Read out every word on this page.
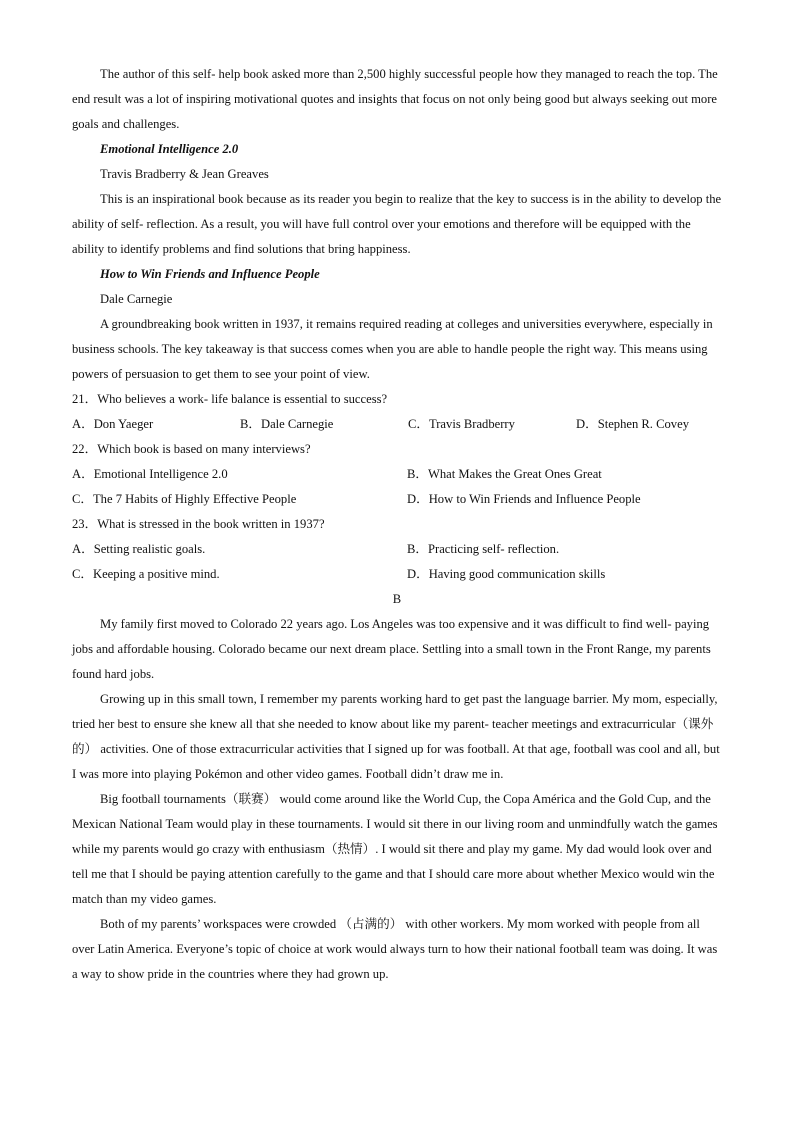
The author of this self- help book asked more than 2,500 highly successful people how they managed to reach the top. The end result was a lot of inspiring motivational quotes and insights that focus on not only being good but always seeking out more goals and challenges.

Emotional Intelligence 2.0

Travis Bradberry & Jean Greaves

This is an inspirational book because as its reader you begin to realize that the key to success is in the ability to develop the ability of self- reflection. As a result, you will have full control over your emotions and therefore will be equipped with the ability to identify problems and find solutions that bring happiness.

How to Win Friends and Influence People

Dale Carnegie

A groundbreaking book written in 1937, it remains required reading at colleges and universities everywhere, especially in business schools. The key takeaway is that success comes when you are able to handle people the right way. This means using powers of persuasion to get them to see your point of view.

21．Who believes a work- life balance is essential to success?

A．Don Yaeger	B．Dale Carnegie	C．Travis Bradberry	D．Stephen R. Covey

22．Which book is based on many interviews?

A．Emotional Intelligence 2.0	B．What Makes the Great Ones Great
C．The 7 Habits of Highly Effective People	D．How to Win Friends and Influence People

23．What is stressed in the book written in 1937?

A．Setting realistic goals.	B．Practicing self- reflection.
C．Keeping a positive mind.	D．Having good communication skills

B

My family first moved to Colorado 22 years ago. Los Angeles was too expensive and it was difficult to find well- paying jobs and affordable housing. Colorado became our next dream place. Settling into a small town in the Front Range, my parents found hard jobs.

Growing up in this small town, I remember my parents working hard to get past the language barrier. My mom, especially, tried her best to ensure she knew all that she needed to know about like my parent- teacher meetings and extracurricular（课外的） activities. One of those extracurricular activities that I signed up for was football. At that age, football was cool and all, but I was more into playing Pokémon and other video games. Football didn’t draw me in.

Big football tournaments（联赛） would come around like the World Cup, the Copa América and the Gold Cup, and the Mexican National Team would play in these tournaments. I would sit there in our living room and unmindfully watch the games while my parents would go crazy with enthusiasm（热情）. I would sit there and play my game. My dad would look over and tell me that I should be paying attention carefully to the game and that I should care more about whether Mexico would win the match than my video games.

Both of my parents’ workspaces were crowded （占满的） with other workers. My mom worked with people from all over Latin America. Everyone’s topic of choice at work would always turn to how their national football team was doing. It was a way to show pride in the countries where they had grown up.
